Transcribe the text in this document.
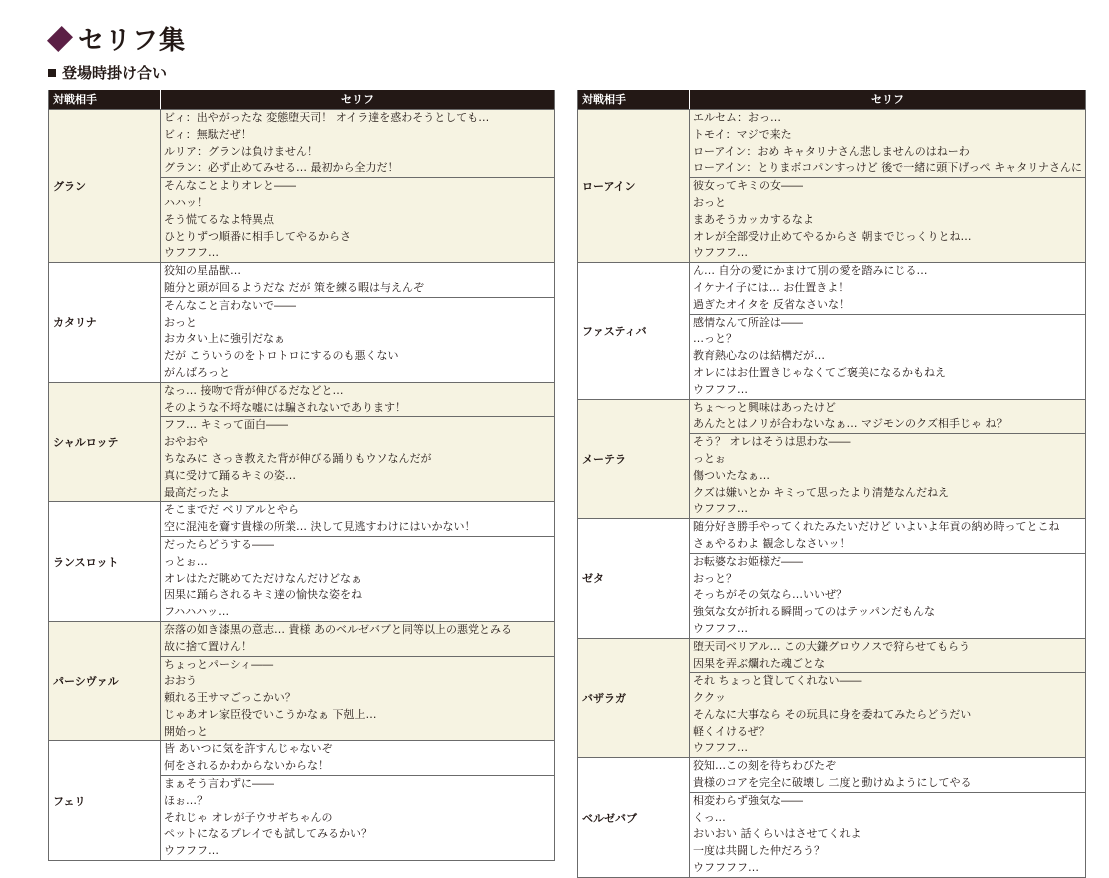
セリフ集
登場時掛け合い
対戦相手	セリフ
グラン
ビィ：出やがったな 変態堕天司！ オイラ達を惑わそうとしても…
ビィ：無駄だぜ！
ルリア：グランは負けません！
グラン：必ず止めてみせる… 最初から全力だ！
そんなことよりオレと――
ハハッ！
そう慌てるなよ特異点
ひとりずつ順番に相手してやるからさ
ウフフフ…
カタリナ
狡知の星晶獣…
随分と頭が回るようだな だが 策を練る暇は与えんぞ
そんなこと言わないで――
おっと
おカタい上に強引だなぁ
だが こういうのをトロトロにするのも悪くない
がんばろっと
シャルロッテ
なっ… 接吻で背が伸びるだなどと…
そのような不埒な嘘には騙されないであります！
フフ… キミって面白――
おやおや
ちなみに さっき教えた背が伸びる踊りもウソなんだが
真に受けて踊るキミの姿…
最高だったよ
ランスロット
そこまでだ ベリアルとやら
空に混沌を齎す貴様の所業… 決して見逃すわけにはいかない！
だったらどうする――
っとぉ…
オレはただ眺めてただけなんだけどなぁ
因果に踊らされるキミ達の愉快な姿をね
フハハハッ…
パーシヴァル
奈落の如き漆黒の意志… 貴様 あのベルゼバブと同等以上の悪党とみる
故に捨て置けん！
ちょっとパーシィ――
おおう
頼れる王サマごっこかい？
じゃあオレ家臣役でいこうかなぁ 下剋上…
開始っと
フェリ
皆 あいつに気を許すんじゃないぞ
何をされるかわからないからな！
まぁそう言わずに――
ほぉ…？
それじゃ オレが子ウサギちゃんの
ペットになるプレイでも試してみるかい？
ウフフフ…
対戦相手	セリフ
ローアイン
エルセム：おっ…
トモイ：マジで来た
ローアイン：おめ キャタリナさん悲しませんのはねーわ
ローアイン：とりまボコパンすっけど 後で一緒に頭下げっぺ キャタリナさんに
彼女ってキミの女――
おっと
まあそうカッカするなよ
オレが全部受け止めてやるからさ 朝までじっくりとね…
ウフフフ…
ファスティバ
ん… 自分の愛にかまけて別の愛を踏みにじる…
イケナイ子には… お仕置きよ！
過ぎたオイタを 反省なさいな！
感情なんて所詮は――
…っと？
教育熱心なのは結構だが…
オレにはお仕置きじゃなくてご褒美になるかもねえ
ウフフフ…
メーテラ
ちょ〜っと興味はあったけど
あんたとはノリが合わないなぁ… マジモンのクズ相手じゃ ね？
そう？ オレはそうは思わな――
っとぉ
傷ついたなぁ…
クズは嫌いとか キミって思ったより清楚なんだねえ
ウフフフ…
ゼタ
随分好き勝手やってくれたみたいだけど いよいよ年貢の納め時ってとこね
さぁやるわよ 観念しなさいッ！
お転婆なお姫様だ――
おっと？
そっちがその気なら…いいぜ？
強気な女が折れる瞬間ってのはテッパンだもんな
ウフフフ…
バザラガ
堕天司ベリアル… この大鎌グロウノスで狩らせてもらう
因果を弄ぶ爛れた魂ごとな
それ ちょっと貸してくれない――
ククッ
そんなに大事なら その玩具に身を委ねてみたらどうだい
軽くイけるぜ？
ウフフフ…
ベルゼバブ
狡知…この刻を待ちわびたぞ
貴様のコアを完全に破壊し 二度と動けぬようにしてやる
相変わらず強気な――
くっ…
おいおい 話くらいはさせてくれよ
一度は共闘した仲だろう？
ウフフフフ…
